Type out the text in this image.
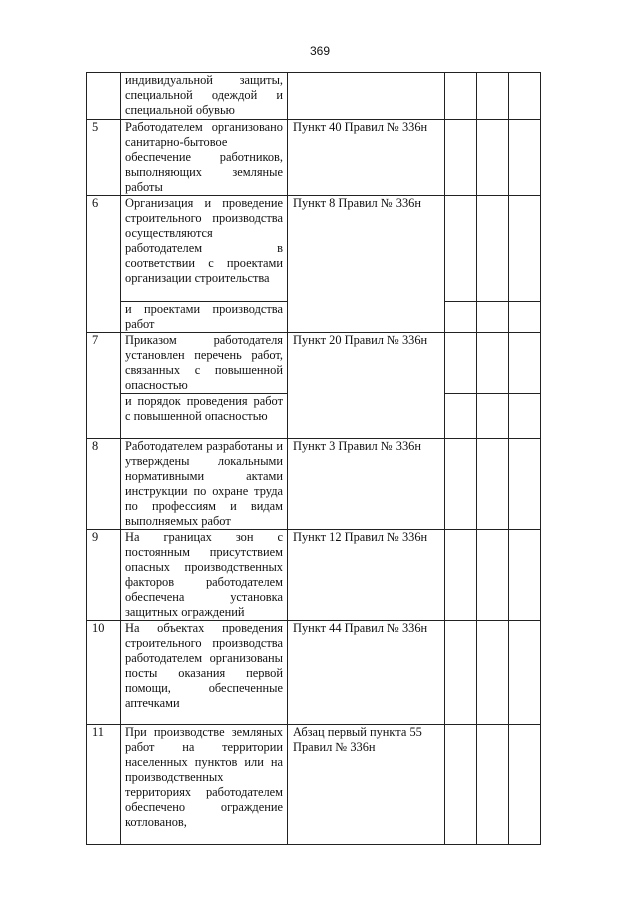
369
	индивидуальной защиты, специальной одеждой и специальной обувью				
5	Работодателем организовано санитарно-бытовое обеспечение работников, выполняющих земляные работы	Пункт 40 Правил № 336н			
6	Организация и проведение строительного производства осуществляются работодателем в соответствии с проектами организации строительства	Пункт 8 Правил № 336н			
	и проектами производства работ				
7	Приказом работодателя установлен перечень работ, связанных с повышенной опасностью	Пункт 20 Правил № 336н			
	и порядок проведения работ с повышенной опасностью				
8	Работодателем разработаны и утверждены локальными нормативными актами инструкции по охране труда по профессиям и видам выполняемых работ	Пункт 3 Правил № 336н			
9	На границах зон с постоянным присутствием опасных производственных факторов работодателем обеспечена установка защитных ограждений	Пункт 12 Правил № 336н			
10	На объектах проведения строительного производства работодателем организованы посты оказания первой помощи, обеспеченные аптечками	Пункт 44 Правил № 336н			
11	При производстве земляных работ на территории населенных пунктов или на производственных территориях работодателем обеспечено ограждение котлованов,	Абзац первый пункта 55 Правил № 336н			
